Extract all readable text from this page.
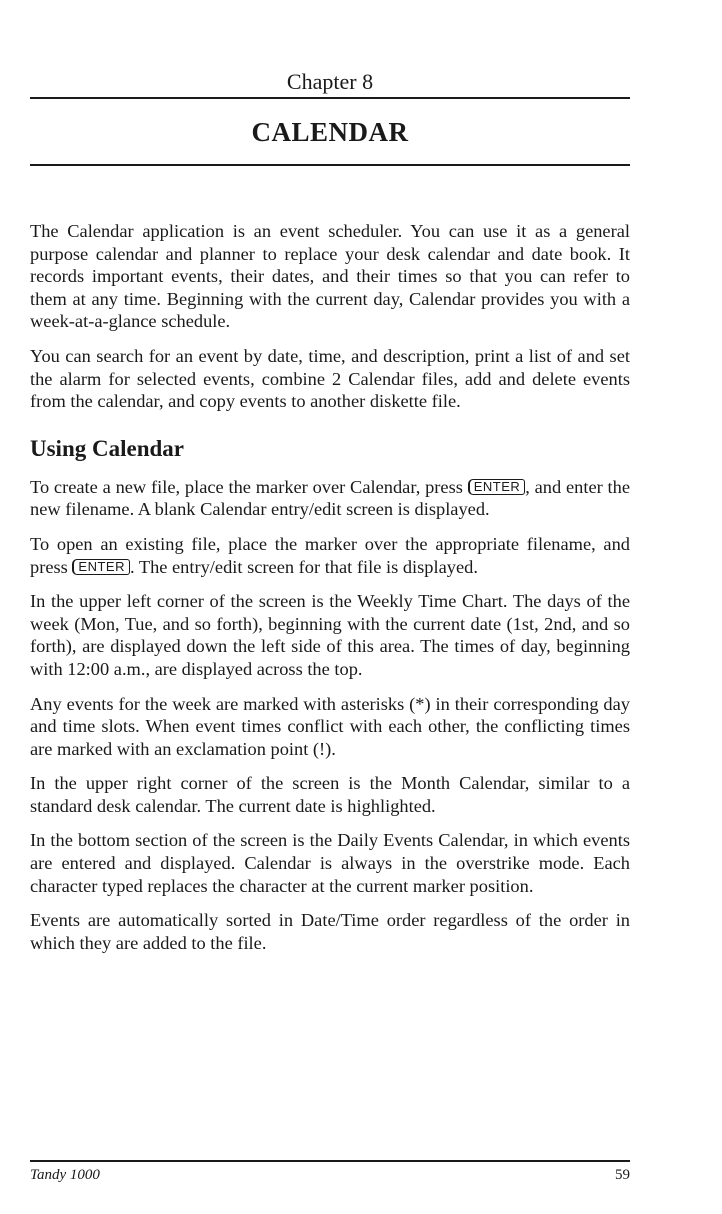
Chapter 8
CALENDAR

The Calendar application is an event scheduler. You can use it as a general purpose calendar and planner to replace your desk calendar and date book. It records important events, their dates, and their times so that you can refer to them at any time. Beginning with the current day, Calendar provides you with a week-at-a-glance schedule.

You can search for an event by date, time, and description, print a list of and set the alarm for selected events, combine 2 Calendar files, add and delete events from the calendar, and copy events to another diskette file.

Using Calendar

To create a new file, place the marker over Calendar, press ENTER , and enter the new filename. A blank Calendar entry/edit screen is displayed.

To open an existing file, place the marker over the appropriate filename, and press ENTER . The entry/edit screen for that file is displayed.

In the upper left corner of the screen is the Weekly Time Chart. The days of the week (Mon, Tue, and so forth), beginning with the current date (1st, 2nd, and so forth), are displayed down the left side of this area. The times of day, beginning with 12:00 a.m., are displayed across the top.

Any events for the week are marked with asterisks (*) in their corresponding day and time slots. When event times conflict with each other, the conflicting times are marked with an exclamation point (!).

In the upper right corner of the screen is the Month Calendar, similar to a standard desk calendar. The current date is highlighted.

In the bottom section of the screen is the Daily Events Calendar, in which events are entered and displayed. Calendar is always in the overstrike mode. Each character typed replaces the character at the current marker position.

Events are automatically sorted in Date/Time order regardless of the order in which they are added to the file.

Tandy 1000	59
